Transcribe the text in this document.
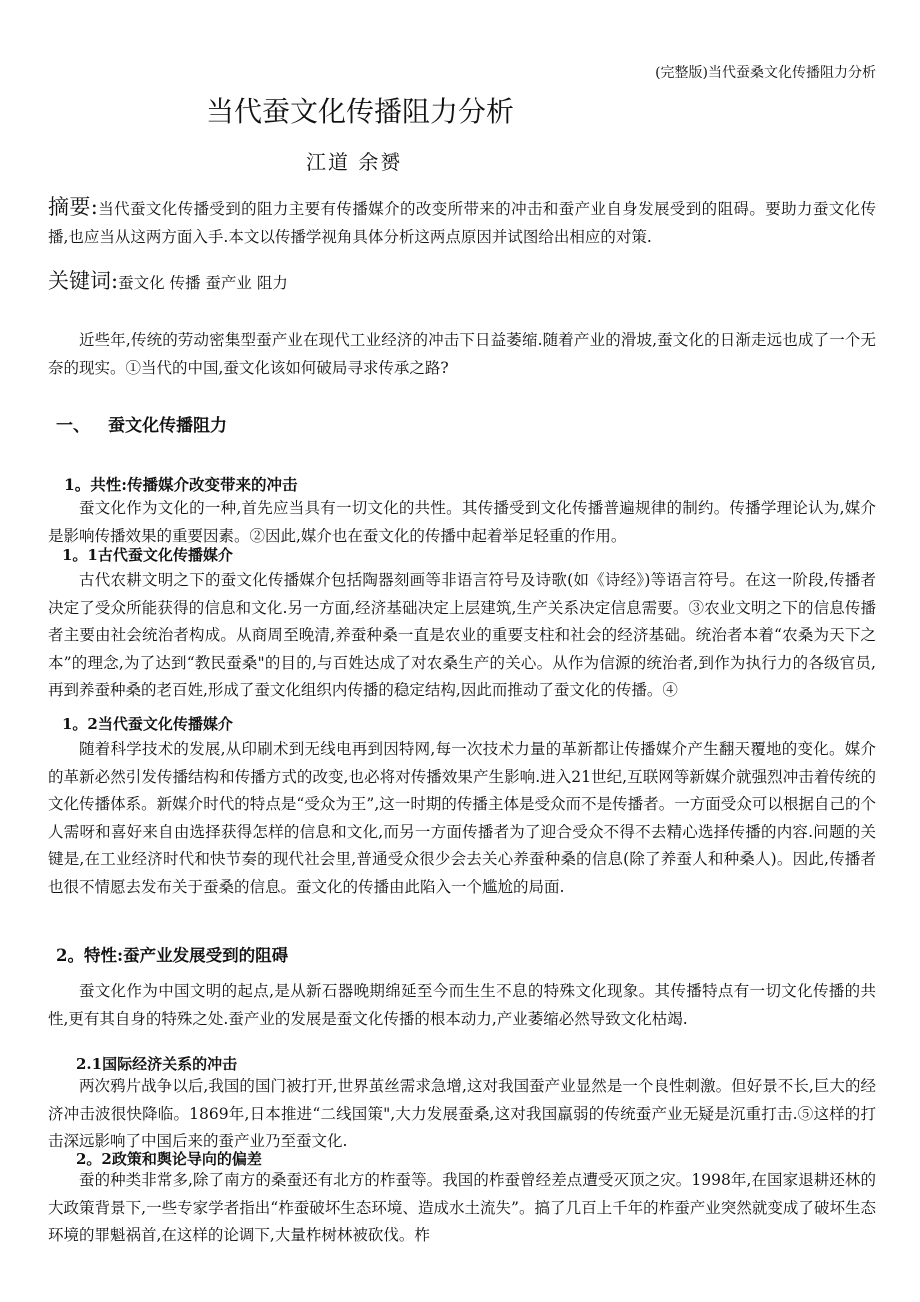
(完整版)当代蚕桑文化传播阻力分析
当代蚕文化传播阻力分析
江道 余赟
摘要:当代蚕文化传播受到的阻力主要有传播媒介的改变所带来的冲击和蚕产业自身发展受到的阻碍。要助力蚕文化传播,也应当从这两方面入手.本文以传播学视角具体分析这两点原因并试图给出相应的对策.
关键词:蚕文化 传播 蚕产业 阻力
近些年,传统的劳动密集型蚕产业在现代工业经济的冲击下日益萎缩.随着产业的滑坡,蚕文化的日渐走远也成了一个无奈的现实。①当代的中国,蚕文化该如何破局寻求传承之路?
一、 蚕文化传播阻力
1。共性:传播媒介改变带来的冲击
蚕文化作为文化的一种,首先应当具有一切文化的共性。其传播受到文化传播普遍规律的制约。传播学理论认为,媒介是影响传播效果的重要因素。②因此,媒介也在蚕文化的传播中起着举足轻重的作用。
1。1古代蚕文化传播媒介
古代农耕文明之下的蚕文化传播媒介包括陶器刻画等非语言符号及诗歌(如《诗经》)等语言符号。在这一阶段,传播者决定了受众所能获得的信息和文化.另一方面,经济基础决定上层建筑,生产关系决定信息需要。③农业文明之下的信息传播者主要由社会统治者构成。从商周至晚清,养蚕种桑一直是农业的重要支柱和社会的经济基础。统治者本着“农桑为天下之本”的理念,为了达到“教民蚕桑"的目的,与百姓达成了对农桑生产的关心。从作为信源的统治者,到作为执行力的各级官员,再到养蚕种桑的老百姓,形成了蚕文化组织内传播的稳定结构,因此而推动了蚕文化的传播。④
1。2当代蚕文化传播媒介
随着科学技术的发展,从印刷术到无线电再到因特网,每一次技术力量的革新都让传播媒介产生翻天覆地的变化。媒介的革新必然引发传播结构和传播方式的改变,也必将对传播效果产生影响.进入21世纪,互联网等新媒介就强烈冲击着传统的文化传播体系。新媒介时代的特点是“受众为王”,这一时期的传播主体是受众而不是传播者。一方面受众可以根据自己的个人需呀和喜好来自由选择获得怎样的信息和文化,而另一方面传播者为了迎合受众不得不去精心选择传播的内容.问题的关键是,在工业经济时代和快节奏的现代社会里,普通受众很少会去关心养蚕种桑的信息(除了养蚕人和种桑人)。因此,传播者也很不情愿去发布关于蚕桑的信息。蚕文化的传播由此陷入一个尴尬的局面.
2。特性:蚕产业发展受到的阻碍
蚕文化作为中国文明的起点,是从新石器晚期绵延至今而生生不息的特殊文化现象。其传播特点有一切文化传播的共性,更有其自身的特殊之处.蚕产业的发展是蚕文化传播的根本动力,产业萎缩必然导致文化枯竭.
2.1国际经济关系的冲击
两次鸦片战争以后,我国的国门被打开,世界茧丝需求急增,这对我国蚕产业显然是一个良性刺激。但好景不长,巨大的经济冲击波很快降临。1869年,日本推进“二线国策",大力发展蚕桑,这对我国羸弱的传统蚕产业无疑是沉重打击.⑤这样的打击深远影响了中国后来的蚕产业乃至蚕文化.
2。2政策和舆论导向的偏差
蚕的种类非常多,除了南方的桑蚕还有北方的柞蚕等。我国的柞蚕曾经差点遭受灭顶之灾。1998年,在国家退耕还林的大政策背景下,一些专家学者指出“柞蚕破坏生态环境、造成水土流失”。搞了几百上千年的柞蚕产业突然就变成了破坏生态环境的罪魁祸首,在这样的论调下,大量柞树林被砍伐。柞
